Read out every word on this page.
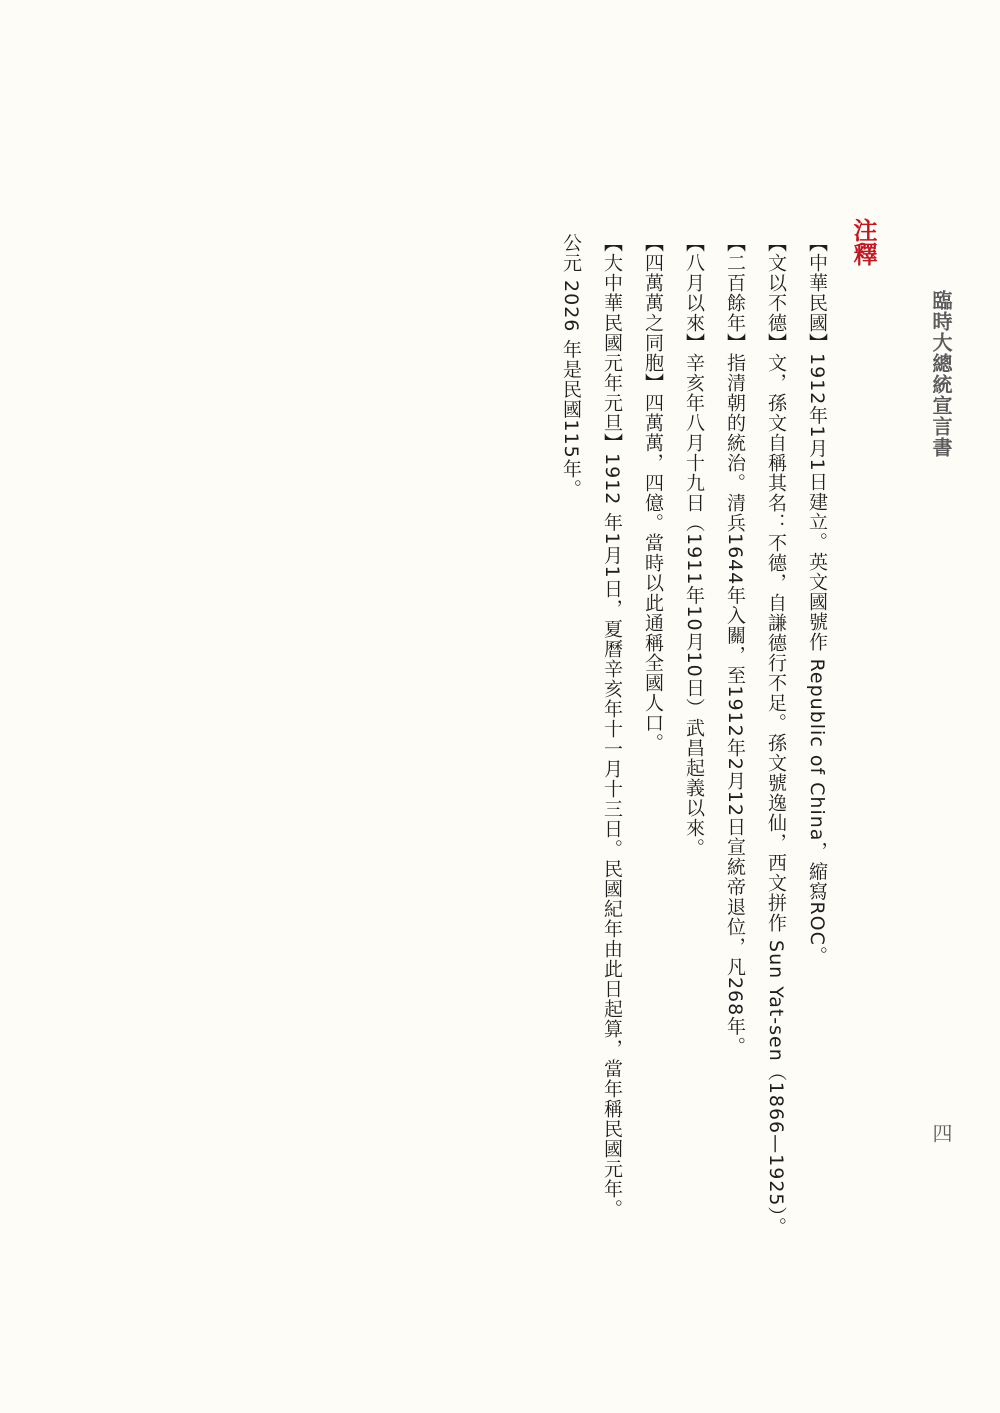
臨時大總統宣言書
四
注釋

【中華民國】1912年1月1日建立。英文國號作 Republic of China，縮寫ROC。

【文以不德】文，孫文自稱其名：不德，自謙德行不足。孫文號逸仙，西文拼作 Sun Yat-sen（1866—1925）。

【二百餘年】指清朝的統治。清兵1644年入關，至1912年2月12日宣統帝退位，凡268年。

【八月以來】辛亥年八月十九日（1911年10月10日）武昌起義以來。

【四萬萬之同胞】四萬萬，四億。當時以此通稱全國人口。

【大中華民國元年元旦】1912 年1月1日，夏曆辛亥年十一月十三日。民國紀年由此日起算，當年稱民國元年。

公元 2026 年是民國115年。
